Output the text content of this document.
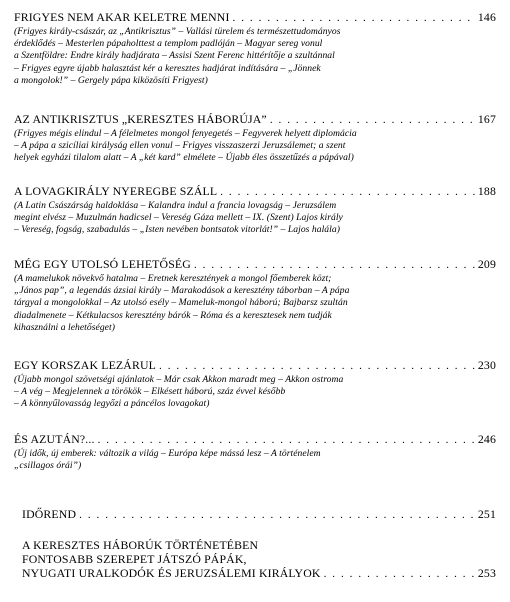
FRIGYES NEM AKAR KELETRE MENNI . . .	146
(Frigyes király-császár, az „Antikrisztus” – Vallási türelem és természettudományos
érdeklődés – Mesterlen pápaholttest a templom padlóján – Magyar sereg vonul
a Szentföldre: Endre király hadjárata – Assisi Szent Ferenc hittérítője a szultánnal
– Frigyes egyre újabb halasztást kér a keresztes hadjárat indítására – „Jönnek
a mongolok!” – Gergely pápa kiközösíti Frigyest)
AZ ANTIKRISZTUS „KERESZTES HÁBORÚJA” . . .	167
(Frigyes mégis elindul – A félelmetes mongol fenyegetés – Fegyverek helyett diplomácia
– A pápa a szicíliai királyság ellen vonul – Frigyes visszaszerzi Jeruzsálemet; a szent
helyek egyházi tilalom alatt – A „két kard” elmélete – Újabb éles összetűzés a pápával)
A LOVAGKIRÁLY NYEREGBE SZÁLL . . .	188
(A Latin Császárság haldoklása – Kalandra indul a francia lovagság – Jeruzsálem
megint elvész – Muzulmán hadicsel – Vereség Gáza mellett – IX. (Szent) Lajos király
– Vereség, fogság, szabadulás – „Isten nevében bontsatok vitorlát!” – Lajos halála)
MÉG EGY UTOLSÓ LEHETŐSÉG . . .	209
(A mamelukok növekvő hatalma – Eretnek keresztények a mongol főemberek közt;
„János pap”, a legendás ázsiai király – Marakodások a keresztény táborban – A pápa
tárgyal a mongolokkal – Az utolsó esély – Mameluk-mongol háború; Bajbarsz szultán
diadalmenete – Kétkulacsos keresztény bárók – Róma és a keresztesek nem tudják
kihasználni a lehetőséget)
EGY KORSZAK LEZÁRUL . . .	230
(Újabb mongol szövetségi ajánlatok – Már csak Akkon maradt meg – Akkon ostroma
– A vég – Megjelennek a törökök – Elkésett háború, száz évvel később
– A könnyűlovasság legyőzi a páncélos lovagokat)
ÉS AZUTÁN?... . . .	246
(Új idők, új emberek: változik a világ – Európa képe mássá lesz – A történelem
„csillagos órái”)
IDŐREND . . .	251
A KERESZTES HÁBORÚK TÖRTÉNETÉBEN
FONTOSABB SZEREPET JÁTSZÓ PÁPÁK,
NYUGATI URALKODÓK ÉS JERUZSÁLEMI KIRÁLYOK . . .	253
